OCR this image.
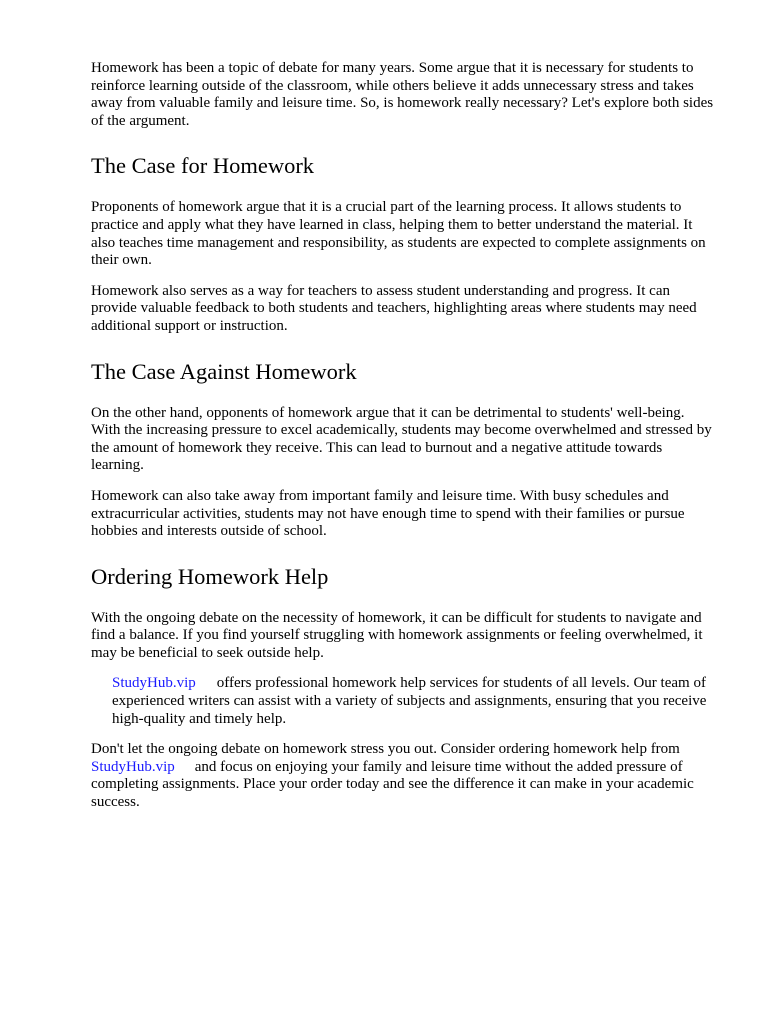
Homework has been a topic of debate for many years. Some argue that it is necessary for students to reinforce learning outside of the classroom, while others believe it adds unnecessary stress and takes away from valuable family and leisure time. So, is homework really necessary? Let's explore both sides of the argument.

The Case for Homework

Proponents of homework argue that it is a crucial part of the learning process. It allows students to practice and apply what they have learned in class, helping them to better understand the material. It also teaches time management and responsibility, as students are expected to complete assignments on their own.

Homework also serves as a way for teachers to assess student understanding and progress. It can provide valuable feedback to both students and teachers, highlighting areas where students may need additional support or instruction.

The Case Against Homework

On the other hand, opponents of homework argue that it can be detrimental to students' well-being. With the increasing pressure to excel academically, students may become overwhelmed and stressed by the amount of homework they receive. This can lead to burnout and a negative attitude towards learning.

Homework can also take away from important family and leisure time. With busy schedules and extracurricular activities, students may not have enough time to spend with their families or pursue hobbies and interests outside of school.

Ordering Homework Help

With the ongoing debate on the necessity of homework, it can be difficult for students to navigate and find a balance. If you find yourself struggling with homework assignments or feeling overwhelmed, it may be beneficial to seek outside help.

StudyHub.vip offers professional homework help services for students of all levels. Our team of experienced writers can assist with a variety of subjects and assignments, ensuring that you receive high-quality and timely help.

Don't let the ongoing debate on homework stress you out. Consider ordering homework help from StudyHub.vip and focus on enjoying your family and leisure time without the added pressure of completing assignments. Place your order today and see the difference it can make in your academic success.
